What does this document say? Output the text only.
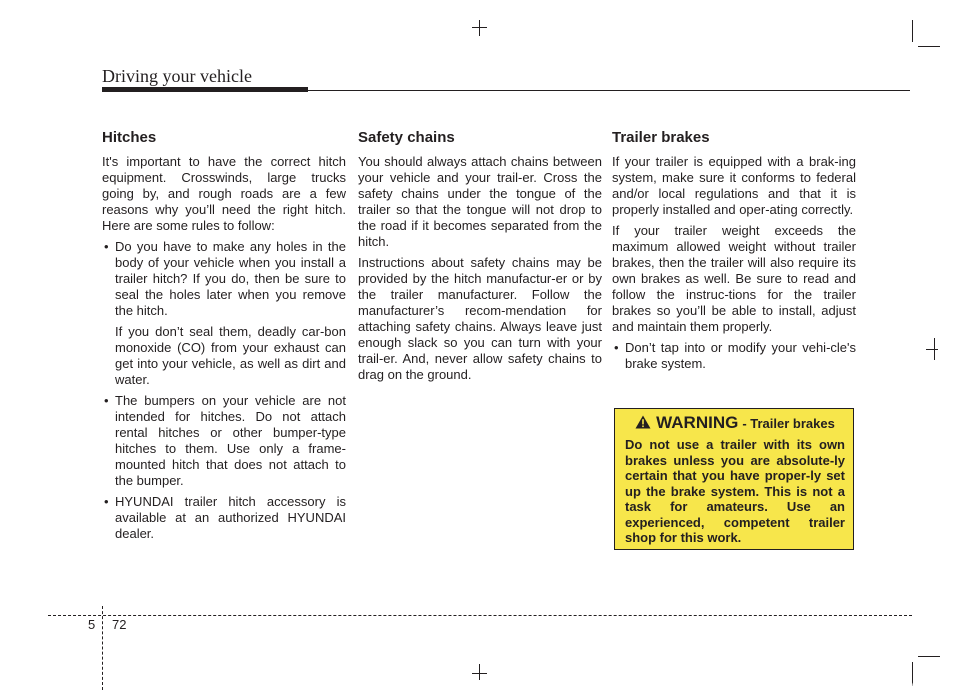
Driving your vehicle
Hitches

It's important to have the correct hitch equipment. Crosswinds, large trucks going by, and rough roads are a few reasons why you’ll need the right hitch. Here are some rules to follow:

• Do you have to make any holes in the body of your vehicle when you install a trailer hitch? If you do, then be sure to seal the holes later when you remove the hitch.
If you don’t seal them, deadly car-bon monoxide (CO) from your exhaust can get into your vehicle, as well as dirt and water.
• The bumpers on your vehicle are not intended for hitches. Do not attach rental hitches or other bumper-type hitches to them. Use only a frame-mounted hitch that does not attach to the bumper.
• HYUNDAI trailer hitch accessory is available at an authorized HYUNDAI dealer.
Safety chains

You should always attach chains between your vehicle and your trail-er. Cross the safety chains under the tongue of the trailer so that the tongue will not drop to the road if it becomes separated from the hitch.

Instructions about safety chains may be provided by the hitch manufactur-er or by the trailer manufacturer. Follow the manufacturer’s recom-mendation for attaching safety chains. Always leave just enough slack so you can turn with your trail-er. And, never allow safety chains to drag on the ground.

Trailer brakes

If your trailer is equipped with a brak-ing system, make sure it conforms to federal and/or local regulations and that it is properly installed and oper-ating correctly.

If your trailer weight exceeds the maximum allowed weight without trailer brakes, then the trailer will also require its own brakes as well. Be sure to read and follow the instruc-tions for the trailer brakes so you’ll be able to install, adjust and maintain them properly.

• Don’t tap into or modify your vehi-cle's brake system.
WARNING - Trailer brakes
Do not use a trailer with its own brakes unless you are absolute-ly certain that you have proper-ly set up the brake system. This is not a task for amateurs. Use an experienced, competent trailer shop for this work.
5 72
carmanualsonline.info
